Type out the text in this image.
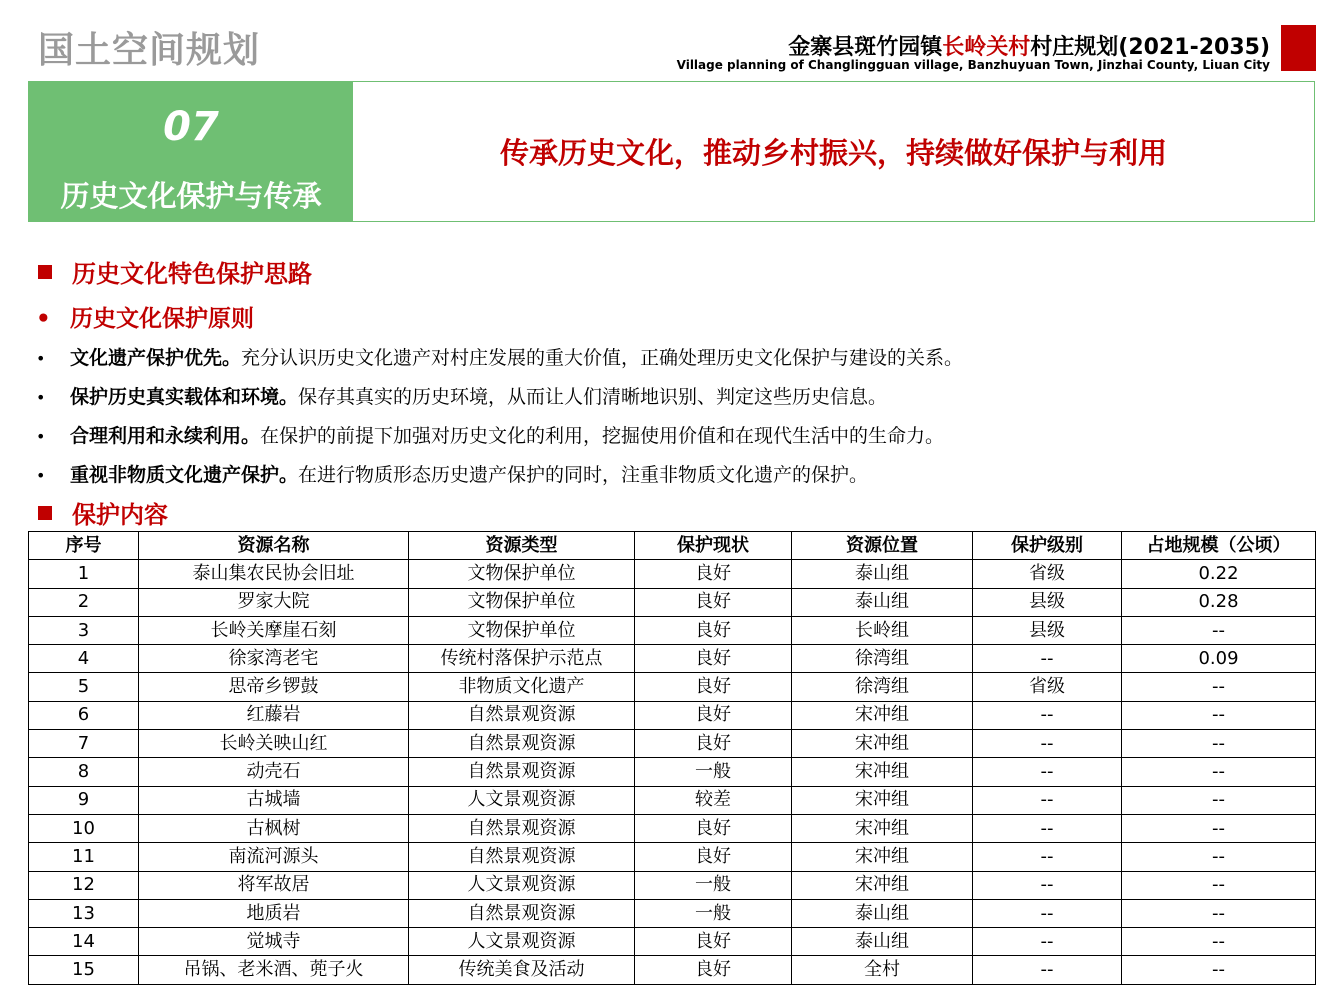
国土空间规划	金寨县斑竹园镇长岭关村村庄规划(2021-2035)
Village planning of Changlingguan village, Banzhuyuan Town, Jinzhai County, Liuan City
07
历史文化保护与传承
传承历史文化，推动乡村振兴，持续做好保护与利用
历史文化特色保护思路
• 历史文化保护原则
• 文化遗产保护优先。充分认识历史文化遗产对村庄发展的重大价值，正确处理历史文化保护与建设的关系。
• 保护历史真实载体和环境。保存其真实的历史环境，从而让人们清晰地识别、判定这些历史信息。
• 合理利用和永续利用。在保护的前提下加强对历史文化的利用，挖掘使用价值和在现代生活中的生命力。
• 重视非物质文化遗产保护。在进行物质形态历史遗产保护的同时，注重非物质文化遗产的保护。
保护内容
序号	资源名称	资源类型	保护现状	资源位置	保护级别	占地规模（公顷）
1	泰山集农民协会旧址	文物保护单位	良好	泰山组	省级	0.22
2	罗家大院	文物保护单位	良好	泰山组	县级	0.28
3	长岭关摩崖石刻	文物保护单位	良好	长岭组	县级	--
4	徐家湾老宅	传统村落保护示范点	良好	徐湾组	--	0.09
5	思帝乡锣鼓	非物质文化遗产	良好	徐湾组	省级	--
6	红藤岩	自然景观资源	良好	宋冲组	--	--
7	长岭关映山红	自然景观资源	良好	宋冲组	--	--
8	动壳石	自然景观资源	一般	宋冲组	--	--
9	古城墙	人文景观资源	较差	宋冲组	--	--
10	古枫树	自然景观资源	良好	宋冲组	--	--
11	南流河源头	自然景观资源	良好	宋冲组	--	--
12	将军故居	人文景观资源	一般	宋冲组	--	--
13	地质岩	自然景观资源	一般	泰山组	--	--
14	觉城寺	人文景观资源	良好	泰山组	--	--
15	吊锅、老米酒、蔸子火	传统美食及活动	良好	全村	--	--
